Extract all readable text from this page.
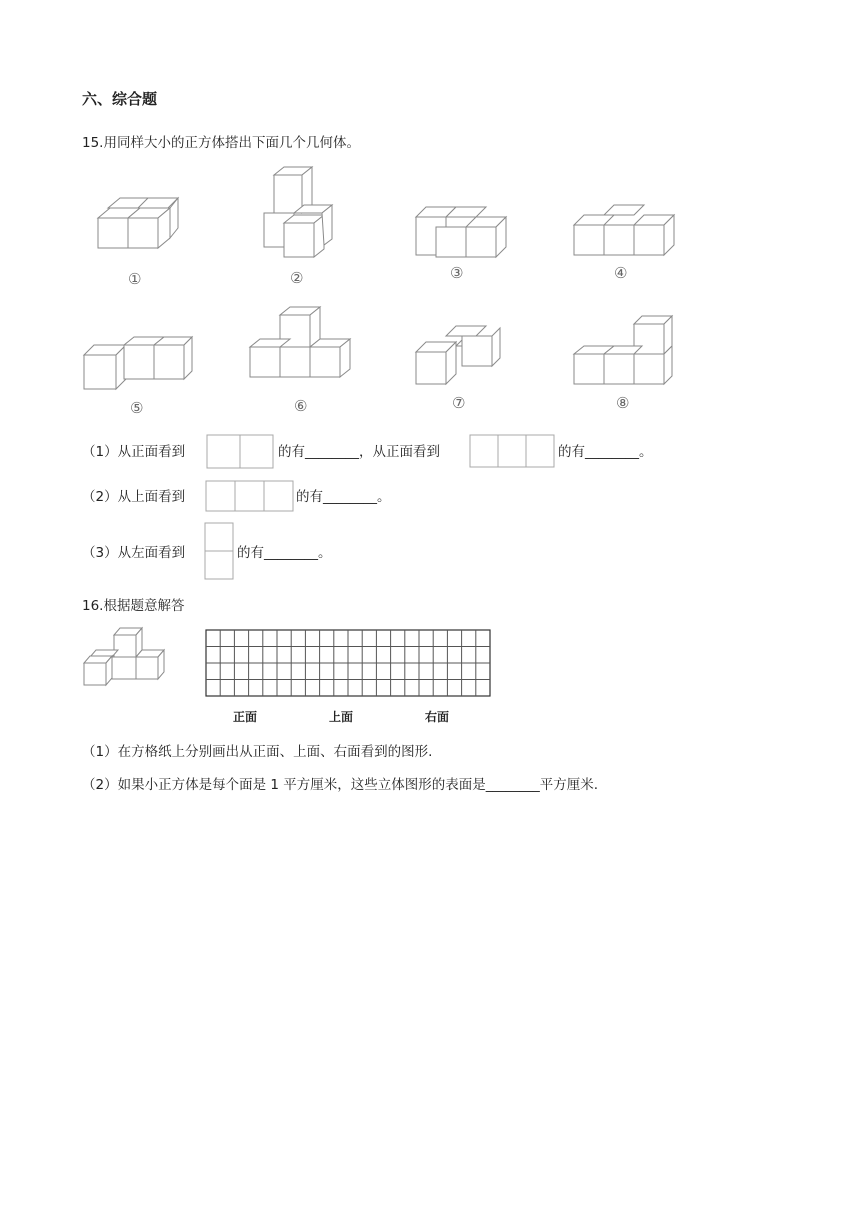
六、综合题
15.用同样大小的正方体搭出下面几个几何体。
①	②	③	④
⑤	⑥	⑦	⑧
（1）从正面看到	的有________，从正面看到	的有________。
（2）从上面看到	的有________。
（3）从左面看到	的有________。
16.根据题意解答
正面	上面	右面
（1）在方格纸上分别画出从正面、上面、右面看到的图形.
（2）如果小正方体是每个面是 1 平方厘米，这些立体图形的表面是________平方厘米.
